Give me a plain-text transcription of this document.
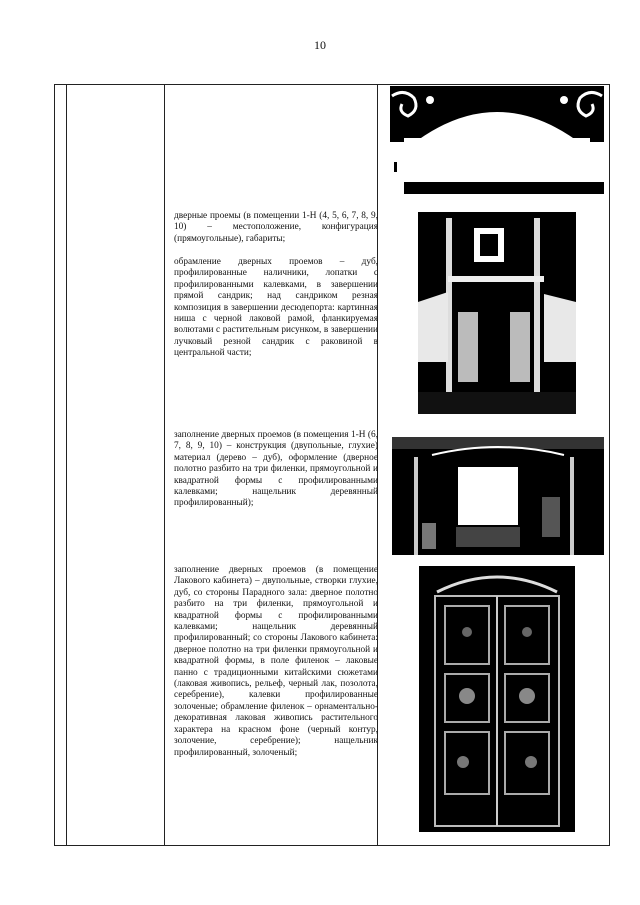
10

дверные проемы (в помещении 1-Н (4, 5, 6, 7, 8, 9, 10) – местоположение, конфигурация (прямоугольные), габариты;
обрамление дверных проемов – дуб, профилированные наличники, лопатки с профилированными калевками, в завершении прямой сандрик; над сандриком резная композиция в завершении десюдепорта: картинная ниша с черной лаковой рамой, фланкируемая волютами с растительным рисунком, в завершении лучковый резной сандрик с раковиной в центральной части;
заполнение дверных проемов (в помещения 1-Н (6, 7, 8, 9, 10) – конструкция (двупольные, глухие) материал (дерево – дуб), оформление (дверное полотно разбито на три филенки, прямоугольной и квадратной формы с профилированными калевками; нащельник деревянный профилированный);
заполнение дверных проемов (в помещение Лакового кабинета) – двупольные, створки глухие, дуб, со стороны Парадного зала: дверное полотно разбито на три филенки, прямоугольной и квадратной формы с профилированными калевками; нащельник деревянный профилированный; со стороны Лакового кабинета: дверное полотно на три филенки прямоугольной и квадратной формы, в поле филенок – лаковые панно с традиционными китайскими сюжетами (лаковая живопись, рельеф, черный лак, позолота, серебрение), калевки профилированные золоченые; обрамление филенок – орнаментально-декоративная лаковая живопись растительного характера на красном фоне (черный контур, золочение, серебрение); нащельник профилированный, золоченый;
